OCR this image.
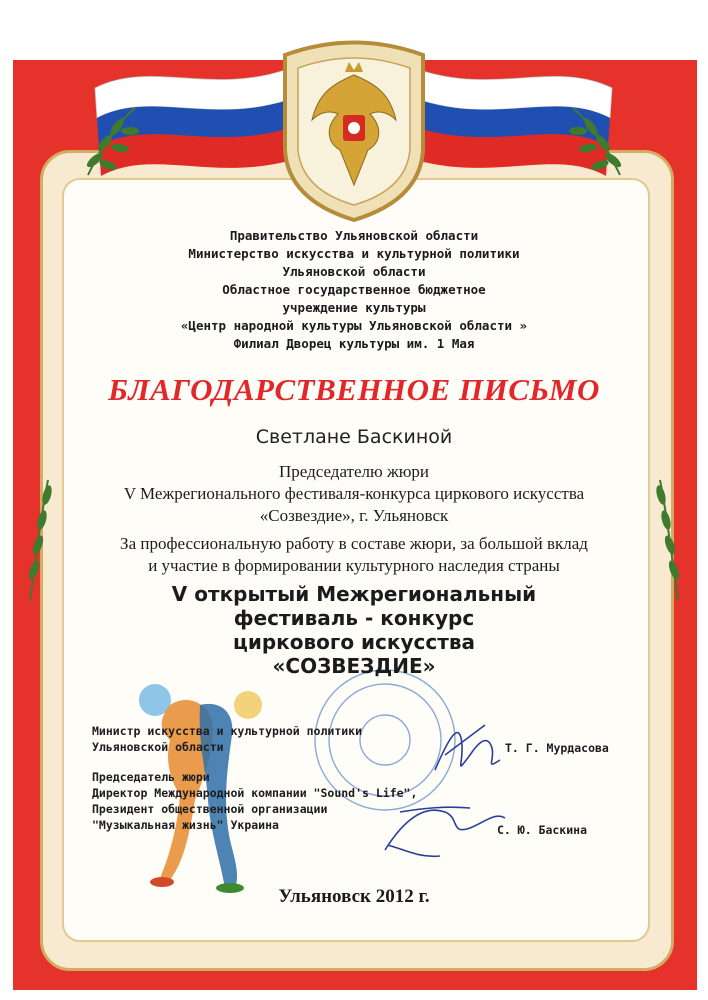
Правительство Ульяновской области
Министерство искусства и культурной политики
Ульяновской области
Областное государственное бюджетное
учреждение культуры
«Центр народной культуры Ульяновской области »
Филиал Дворец культуры им. 1 Мая
БЛАГОДАРСТВЕННОЕ ПИСЬМО
Светлане Баскиной
Председателю жюри
V Межрегионального фестиваля-конкурса циркового искусства
«Созвездие», г. Ульяновск
За профессиональную работу в составе жюри, за большой вклад
и участие в формировании культурного наследия страны
V открытый Межрегиональный
фестиваль - конкурс
циркового искусства
«СОЗВЕЗДИЕ»
Министр искусства и культурной политики
Ульяновской области	Т. Г. Мурдасова
Председатель жюри
Директор Международной компании "Sound's Life",
Президент общественной организации
"Музыкальная жизнь" Украина	С. Ю. Баскина
Ульяновск 2012 г.
